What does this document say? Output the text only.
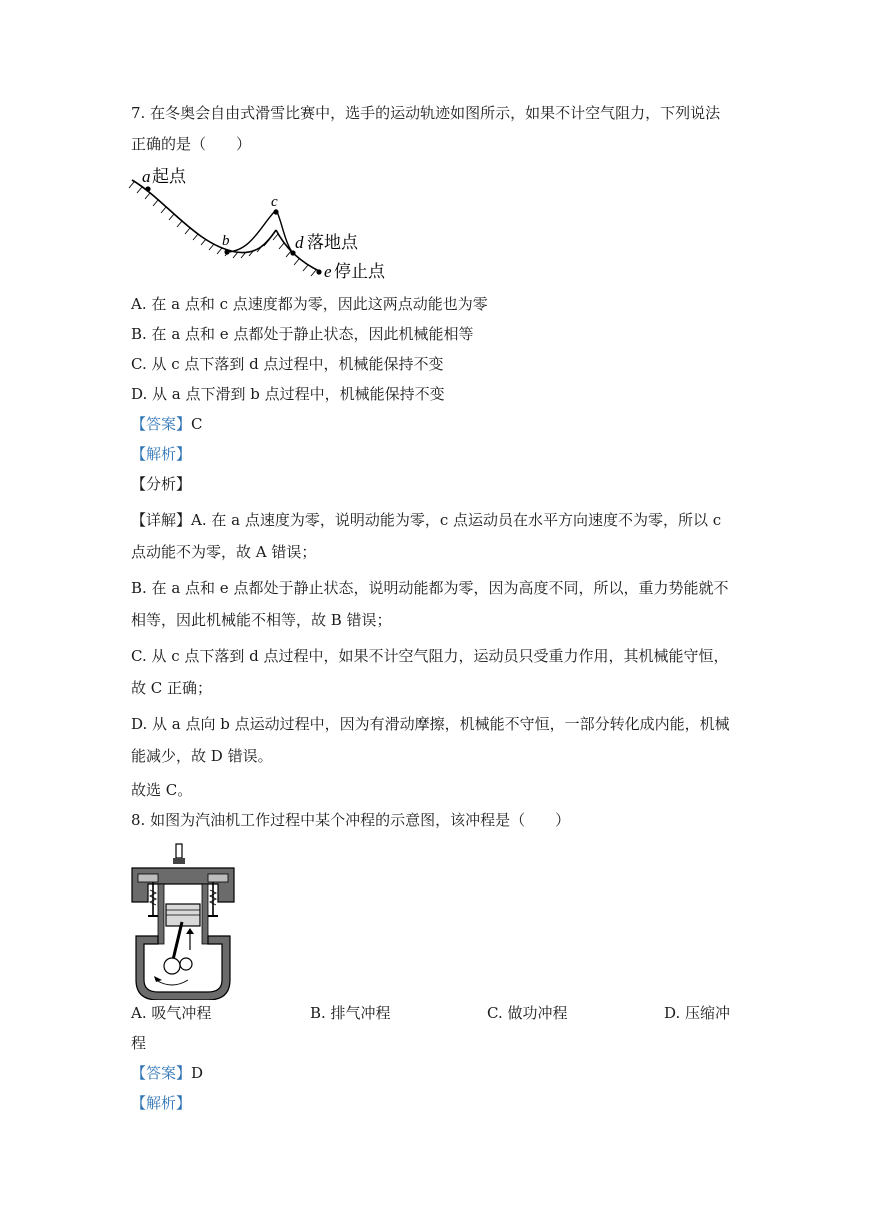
7. 在冬奥会自由式滑雪比赛中，选手的运动轨迹如图所示，如果不计空气阻力，下列说法
正确的是（　　）
a 起点
b
c
d 落地点
e 停止点
A. 在 a 点和 c 点速度都为零，因此这两点动能也为零
B. 在 a 点和 e 点都处于静止状态，因此机械能相等
C. 从 c 点下落到 d 点过程中，机械能保持不变
D. 从 a 点下滑到 b 点过程中，机械能保持不变
【答案】C
【解析】
【分析】
【详解】A. 在 a 点速度为零，说明动能为零，c 点运动员在水平方向速度不为零，所以 c
点动能不为零，故 A 错误；
B. 在 a 点和 e 点都处于静止状态，说明动能都为零，因为高度不同，所以，重力势能就不
相等，因此机械能不相等，故 B 错误；
C. 从 c 点下落到 d 点过程中，如果不计空气阻力，运动员只受重力作用，其机械能守恒，
故 C 正确；
D. 从 a 点向 b 点运动过程中，因为有滑动摩擦，机械能不守恒，一部分转化成内能，机械
能减少，故 D 错误。
故选 C。
8. 如图为汽油机工作过程中某个冲程的示意图，该冲程是（　　）
A. 吸气冲程	B. 排气冲程	C. 做功冲程	D. 压缩冲
程
【答案】D
【解析】
